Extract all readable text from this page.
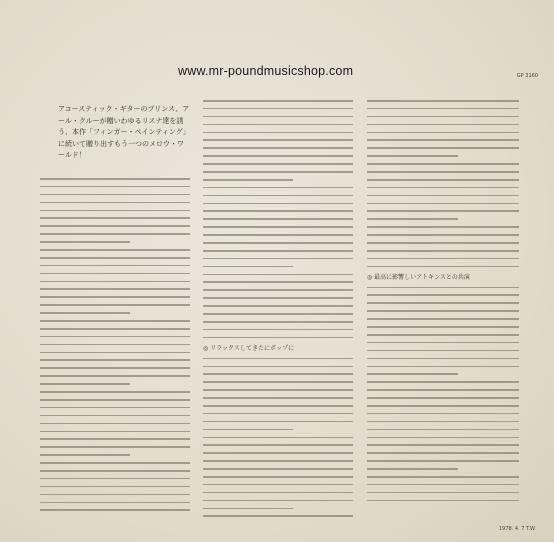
www.mr-poundmusicshop.com	GP 3160
アコースティック・ギターのプリンス、アール・クルーが贈いわゆるリスナ達を誘う、本作「フィンガー・ペインティング」に続いて贈り出すもう一つのメロウ・ワールド！
◎ リラックスしてきたにポップに
◎ 最高に影響しいアトキンスとの共演
1978. 4. 7 T.W.
